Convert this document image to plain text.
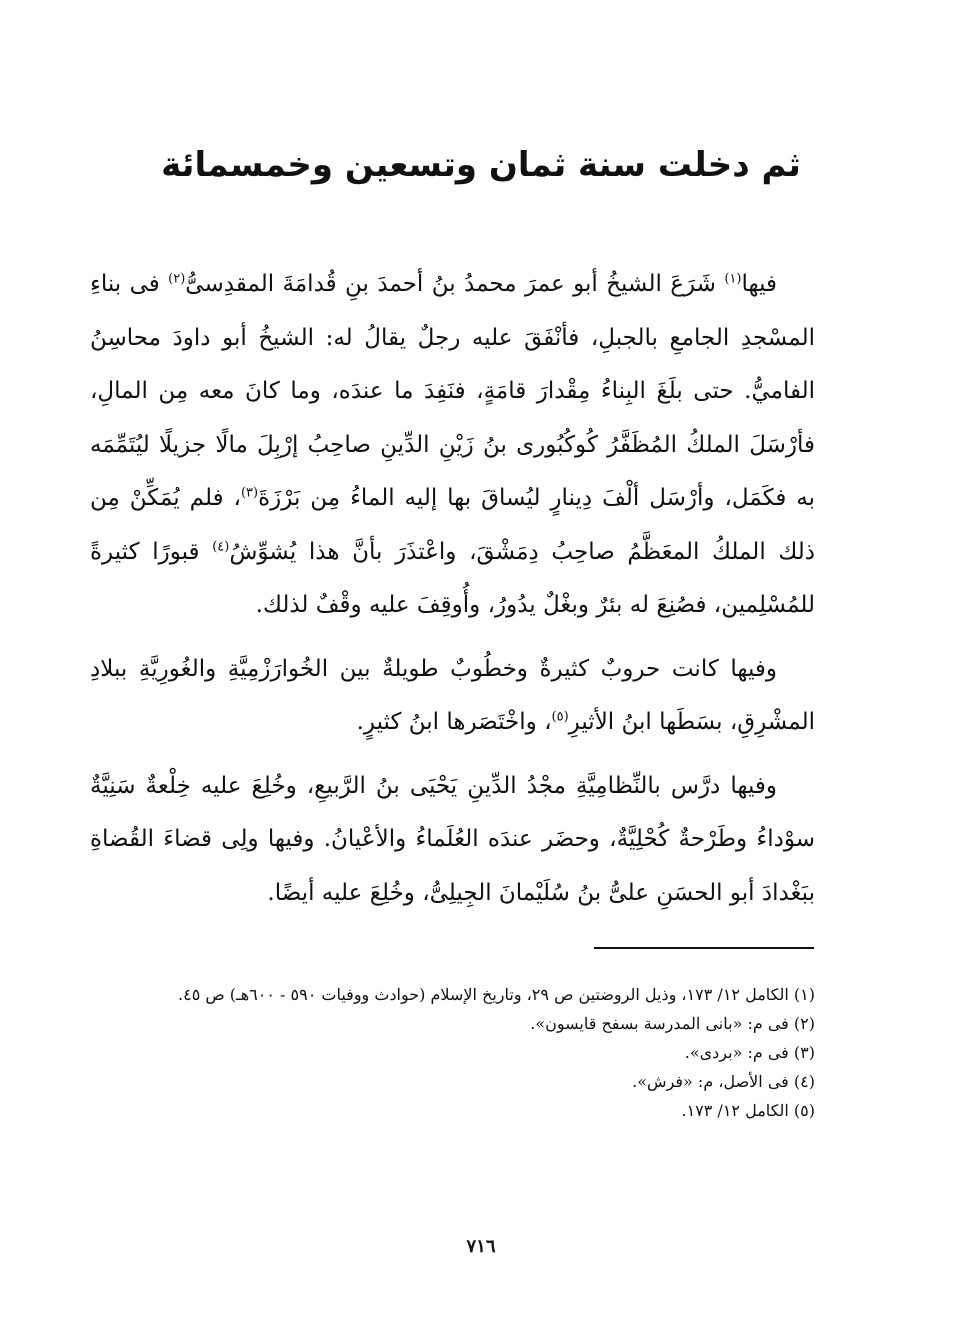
ثم دخلت سنة ثمان وتسعين وخمسمائة

فيها$^{(١)}$ شَرَعَ الشيخُ أبو عمرَ محمدُ بنُ أحمدَ بنِ قُدامَةَ المقدِسىُّ$^{(٢)}$ فى بناءِ المسْجدِ الجامعِ بالجبلِ، فأنْفَقَ عليه رجلٌ يقالُ له: الشيخُ أبو داودَ محاسِنُ الفاميُّ. حتى بلَغَ البِناءُ مِقْدارَ قامَةٍ، فنَفِدَ ما عندَه، وما كانَ معه مِن المالِ، فأرْسَلَ الملكُ المُظَفَّرُ كُوكُبُورى بنُ زَيْنِ الدِّينِ صاحِبُ إرْبِلَ مالًا جزيلًا ليُتَمِّمَه به فكَمَل، وأرْسَل ألْفَ دِينارٍ ليُساقَ بها إليه الماءُ مِن بَرْزَةَ$^{(٣)}$، فلم يُمَكِّنْ مِن ذلك الملكُ المعَظَّمُ صاحِبُ دِمَشْقَ، واعْتذَرَ بأنَّ هذا يُشوِّشُ$^{(٤)}$ قبورًا كثيرةً للمُسْلِمين، فصُنِعَ له بئرٌ وبغْلٌ يدُورُ، وأُوقِفَ عليه وقْفٌ لذلك.

وفيها كانت حروبٌ كثيرةٌ وخطُوبٌ طويلةٌ بين الخُوارَزْمِيَّةِ والغُورِيَّةِ ببلادِ المشْرِقِ، بسَطَها ابنُ الأثيرِ$^{(٥)}$، واخْتَصَرها ابنُ كثيرٍ.

وفيها درَّس بالنِّظامِيَّةِ مجْدُ الدِّينِ يَحْيَى بنُ الرَّبيعِ، وخُلِعَ عليه خِلْعةٌ سَنِيَّةٌ سوْداءُ وطَرْحةٌ كُحْلِيَّةٌ، وحضَر عندَه العُلَماءُ والأعْيانُ. وفيها ولِى قضاءَ القُضاةِ ببَغْدادَ أبو الحسَنِ علىُّ بنُ سُلَيْمانَ الجِيلِىُّ، وخُلِعَ عليه أيضًا.

(١) الكامل ١٢/ ١٧٣، وذيل الروضتين ص ٢٩، وتاريخ الإسلام (حوادث ووفيات ٥٩٠ - ٦٠٠هـ) ص ٤٥.
(٢) فى م: «بانى المدرسة بسفح قايسون».
(٣) فى م: «بردى».
(٤) فى الأصل، م: «فرش».
(٥) الكامل ١٢/ ١٧٣.
٧١٦
